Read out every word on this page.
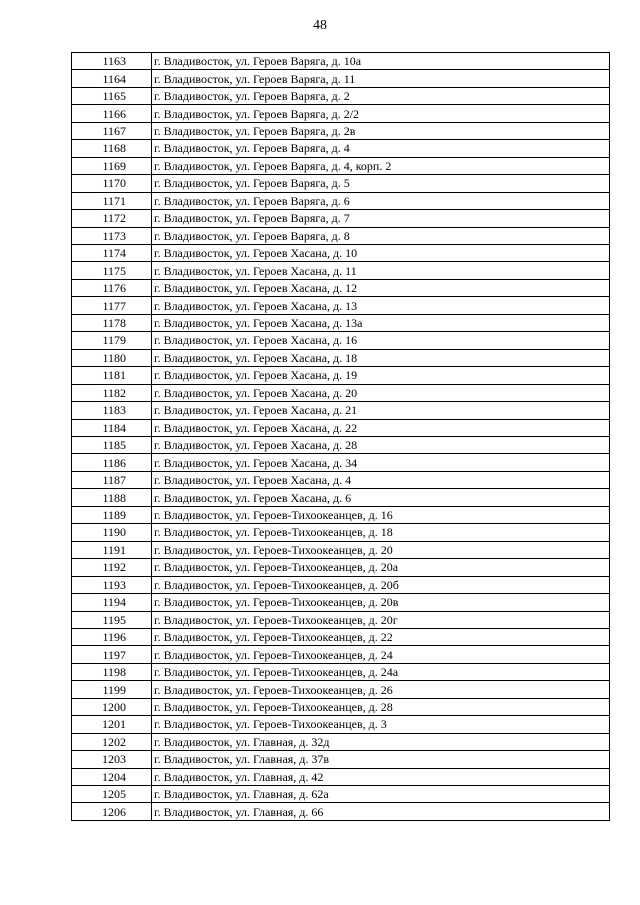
48
1163	г. Владивосток, ул. Героев Варяга, д. 10а
1164	г. Владивосток, ул. Героев Варяга, д. 11
1165	г. Владивосток, ул. Героев Варяга, д. 2
1166	г. Владивосток, ул. Героев Варяга, д. 2/2
1167	г. Владивосток, ул. Героев Варяга, д. 2в
1168	г. Владивосток, ул. Героев Варяга, д. 4
1169	г. Владивосток, ул. Героев Варяга, д. 4, корп. 2
1170	г. Владивосток, ул. Героев Варяга, д. 5
1171	г. Владивосток, ул. Героев Варяга, д. 6
1172	г. Владивосток, ул. Героев Варяга, д. 7
1173	г. Владивосток, ул. Героев Варяга, д. 8
1174	г. Владивосток, ул. Героев Хасана, д. 10
1175	г. Владивосток, ул. Героев Хасана, д. 11
1176	г. Владивосток, ул. Героев Хасана, д. 12
1177	г. Владивосток, ул. Героев Хасана, д. 13
1178	г. Владивосток, ул. Героев Хасана, д. 13а
1179	г. Владивосток, ул. Героев Хасана, д. 16
1180	г. Владивосток, ул. Героев Хасана, д. 18
1181	г. Владивосток, ул. Героев Хасана, д. 19
1182	г. Владивосток, ул. Героев Хасана, д. 20
1183	г. Владивосток, ул. Героев Хасана, д. 21
1184	г. Владивосток, ул. Героев Хасана, д. 22
1185	г. Владивосток, ул. Героев Хасана, д. 28
1186	г. Владивосток, ул. Героев Хасана, д. 34
1187	г. Владивосток, ул. Героев Хасана, д. 4
1188	г. Владивосток, ул. Героев Хасана, д. 6
1189	г. Владивосток, ул. Героев-Тихоокеанцев, д. 16
1190	г. Владивосток, ул. Героев-Тихоокеанцев, д. 18
1191	г. Владивосток, ул. Героев-Тихоокеанцев, д. 20
1192	г. Владивосток, ул. Героев-Тихоокеанцев, д. 20а
1193	г. Владивосток, ул. Героев-Тихоокеанцев, д. 20б
1194	г. Владивосток, ул. Героев-Тихоокеанцев, д. 20в
1195	г. Владивосток, ул. Героев-Тихоокеанцев, д. 20г
1196	г. Владивосток, ул. Героев-Тихоокеанцев, д. 22
1197	г. Владивосток, ул. Героев-Тихоокеанцев, д. 24
1198	г. Владивосток, ул. Героев-Тихоокеанцев, д. 24а
1199	г. Владивосток, ул. Героев-Тихоокеанцев, д. 26
1200	г. Владивосток, ул. Героев-Тихоокеанцев, д. 28
1201	г. Владивосток, ул. Героев-Тихоокеанцев, д. 3
1202	г. Владивосток, ул. Главная, д. 32д
1203	г. Владивосток, ул. Главная, д. 37в
1204	г. Владивосток, ул. Главная, д. 42
1205	г. Владивосток, ул. Главная, д. 62а
1206	г. Владивосток, ул. Главная, д. 66
